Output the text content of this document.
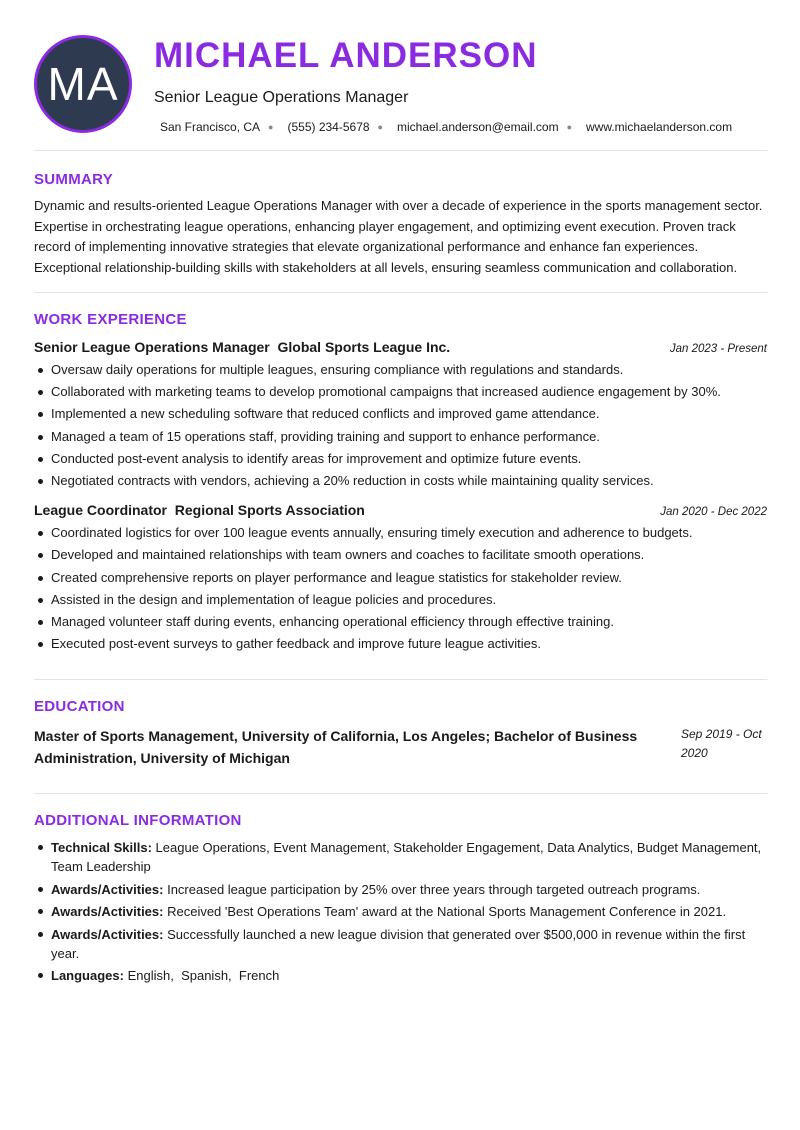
MA
MICHAEL ANDERSON
Senior League Operations Manager
San Francisco, CA ● (555) 234-5678 ● michael.anderson@email.com ● www.michaelanderson.com
SUMMARY

Dynamic and results-oriented League Operations Manager with over a decade of experience in the sports management sector. Expertise in orchestrating league operations, enhancing player engagement, and optimizing event execution. Proven track record of implementing innovative strategies that elevate organizational performance and enhance fan experiences. Exceptional relationship-building skills with stakeholders at all levels, ensuring seamless communication and collaboration.

WORK EXPERIENCE
Senior League Operations Manager  Global Sports League Inc.	Jan 2023 - Present
Oversaw daily operations for multiple leagues, ensuring compliance with regulations and standards.
Collaborated with marketing teams to develop promotional campaigns that increased audience engagement by 30%.
Implemented a new scheduling software that reduced conflicts and improved game attendance.
Managed a team of 15 operations staff, providing training and support to enhance performance.
Conducted post-event analysis to identify areas for improvement and optimize future events.
Negotiated contracts with vendors, achieving a 20% reduction in costs while maintaining quality services.
League Coordinator  Regional Sports Association	Jan 2020 - Dec 2022
Coordinated logistics for over 100 league events annually, ensuring timely execution and adherence to budgets.
Developed and maintained relationships with team owners and coaches to facilitate smooth operations.
Created comprehensive reports on player performance and league statistics for stakeholder review.
Assisted in the design and implementation of league policies and procedures.
Managed volunteer staff during events, enhancing operational efficiency through effective training.
Executed post-event surveys to gather feedback and improve future league activities.
EDUCATION
Master of Sports Management, University of California, Los Angeles; Bachelor of Business Administration, University of Michigan
Sep 2019 - Oct 2020
ADDITIONAL INFORMATION
Technical Skills: League Operations, Event Management, Stakeholder Engagement, Data Analytics, Budget Management, Team Leadership
Awards/Activities: Increased league participation by 25% over three years through targeted outreach programs.
Awards/Activities: Received 'Best Operations Team' award at the National Sports Management Conference in 2021.
Awards/Activities: Successfully launched a new league division that generated over $500,000 in revenue within the first year.
Languages: English,  Spanish,  French
